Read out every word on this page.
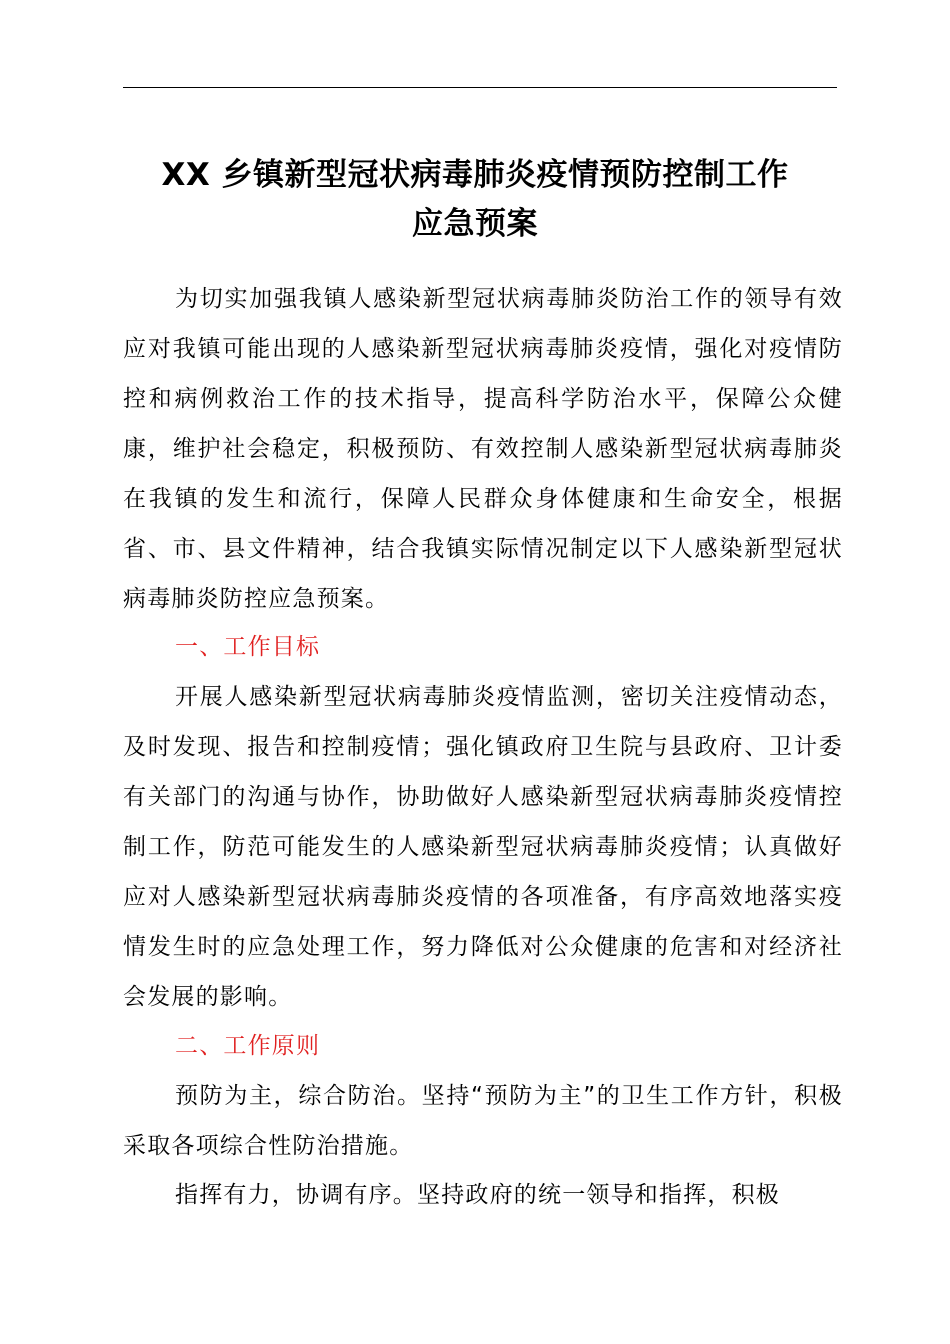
XX 乡镇新型冠状病毒肺炎疫情预防控制工作
应急预案

为切实加强我镇人感染新型冠状病毒肺炎防治工作的领导有效应对我镇可能出现的人感染新型冠状病毒肺炎疫情，强化对疫情防控和病例救治工作的技术指导，提高科学防治水平，保障公众健康，维护社会稳定，积极预防、有效控制人感染新型冠状病毒肺炎在我镇的发生和流行，保障人民群众身体健康和生命安全，根据省、市、县文件精神，结合我镇实际情况制定以下人感染新型冠状病毒肺炎防控应急预案。

一、工作目标

开展人感染新型冠状病毒肺炎疫情监测，密切关注疫情动态，及时发现、报告和控制疫情；强化镇政府卫生院与县政府、卫计委有关部门的沟通与协作，协助做好人感染新型冠状病毒肺炎疫情控制工作，防范可能发生的人感染新型冠状病毒肺炎疫情；认真做好应对人感染新型冠状病毒肺炎疫情的各项准备，有序高效地落实疫情发生时的应急处理工作，努力降低对公众健康的危害和对经济社会发展的影响。

二、工作原则

预防为主，综合防治。坚持“预防为主”的卫生工作方针，积极采取各项综合性防治措施。

指挥有力，协调有序。坚持政府的统一领导和指挥，积极
